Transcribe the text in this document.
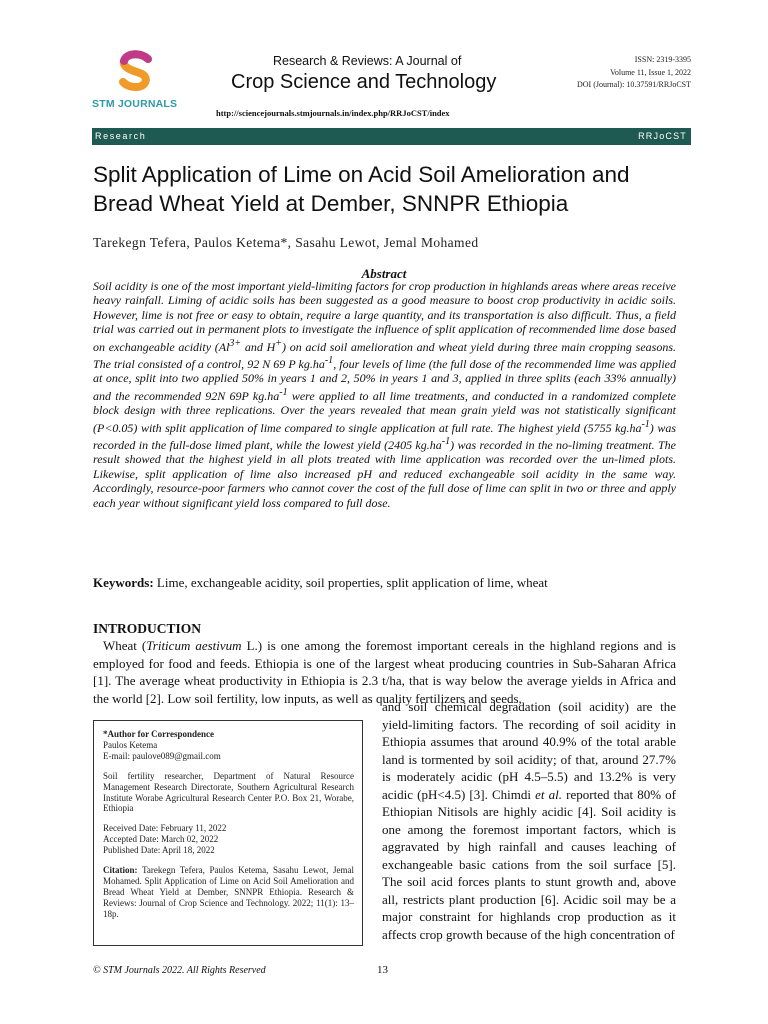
STM JOURNALS
Research & Reviews: A Journal of
Crop Science and Technology
ISSN: 2319-3395
Volume 11, Issue 1, 2022
DOI (Journal): 10.37591/RRJoCST
http://sciencejournals.stmjournals.in/index.php/RRJoCST/index
Research	RRJoCST
Split Application of Lime on Acid Soil Amelioration and Bread Wheat Yield at Dember, SNNPR Ethiopia
Tarekegn Tefera, Paulos Ketema*, Sasahu Lewot, Jemal Mohamed
Abstract
Soil acidity is one of the most important yield-limiting factors for crop production in highlands areas where areas receive heavy rainfall. Liming of acidic soils has been suggested as a good measure to boost crop productivity in acidic soils. However, lime is not free or easy to obtain, require a large quantity, and its transportation is also difficult. Thus, a field trial was carried out in permanent plots to investigate the influence of split application of recommended lime dose based on exchangeable acidity ($Al^{3+}$ and H+) on acid soil amelioration and wheat yield during three main cropping seasons. The trial consisted of a control, 92 N 69 P $kg.ha^{-1}$, four levels of lime (the full dose of the recommended lime was applied at once, split into two applied 50% in years 1 and 2, 50% in years 1 and 3, applied in three splits (each 33% annually) and the recommended 92N 69P $kg.ha^{-1}$ were applied to all lime treatments, and conducted in a randomized complete block design with three replications. Over the years revealed that mean grain yield was not statistically significant (P<0.05) with split application of lime compared to single application at full rate. The highest yield (5755 $kg.ha^{-1}$) was recorded in the full-dose limed plant, while the lowest yield (2405 $kg.ha^{-1}$) was recorded in the no-liming treatment. The result showed that the highest yield in all plots treated with lime application was recorded over the un-limed plots. Likewise, split application of lime also increased pH and reduced exchangeable soil acidity in the same way. Accordingly, resource-poor farmers who cannot cover the cost of the full dose of lime can split in two or three and apply each year without significant yield loss compared to full dose.
Keywords: Lime, exchangeable acidity, soil properties, split application of lime, wheat
INTRODUCTION
Wheat (Triticum aestivum L.) is one among the foremost important cereals in the highland regions and is employed for food and feeds. Ethiopia is one of the largest wheat producing countries in Sub-Saharan Africa [1]. The average wheat productivity in Ethiopia is 2.3 t/ha, that is way below the average yields in Africa and the world [2]. Low soil fertility, low inputs, as well as quality fertilizers and seeds,

*Author for Correspondence

Paulos Ketema

E-mail: paulove089@gmail.com

Soil fertility researcher, Department of Natural Resource Management Research Directorate, Southern Agricultural Research Institute Worabe Agricultural Research Center P.O. Box 21, Worabe, Ethiopia

Received Date: February 11, 2022

Accepted Date: March 02, 2022

Published Date: April 18, 2022

Citation: Tarekegn Tefera, Paulos Ketema, Sasahu Lewot, Jemal Mohamed. Split Application of Lime on Acid Soil Amelioration and Bread Wheat Yield at Dember, SNNPR Ethiopia. Research & Reviews: Journal of Crop Science and Technology. 2022; 11(1): 13–18p.

and soil chemical degradation (soil acidity) are the yield-limiting factors. The recording of soil acidity in Ethiopia assumes that around 40.9% of the total arable land is tormented by soil acidity; of that, around 27.7% is moderately acidic (pH 4.5–5.5) and 13.2% is very acidic (pH<4.5) [3]. Chimdi et al. reported that 80% of Ethiopian Nitisols are highly acidic [4]. Soil acidity is one among the foremost important factors, which is aggravated by high rainfall and causes leaching of exchangeable basic cations from the soil surface [5]. The soil acid forces plants to stunt growth and, above all, restricts plant production [6]. Acidic soil may be a major constraint for highlands crop production as it affects crop growth because of the high concentration of
© STM Journals 2022. All Rights Reserved	13
